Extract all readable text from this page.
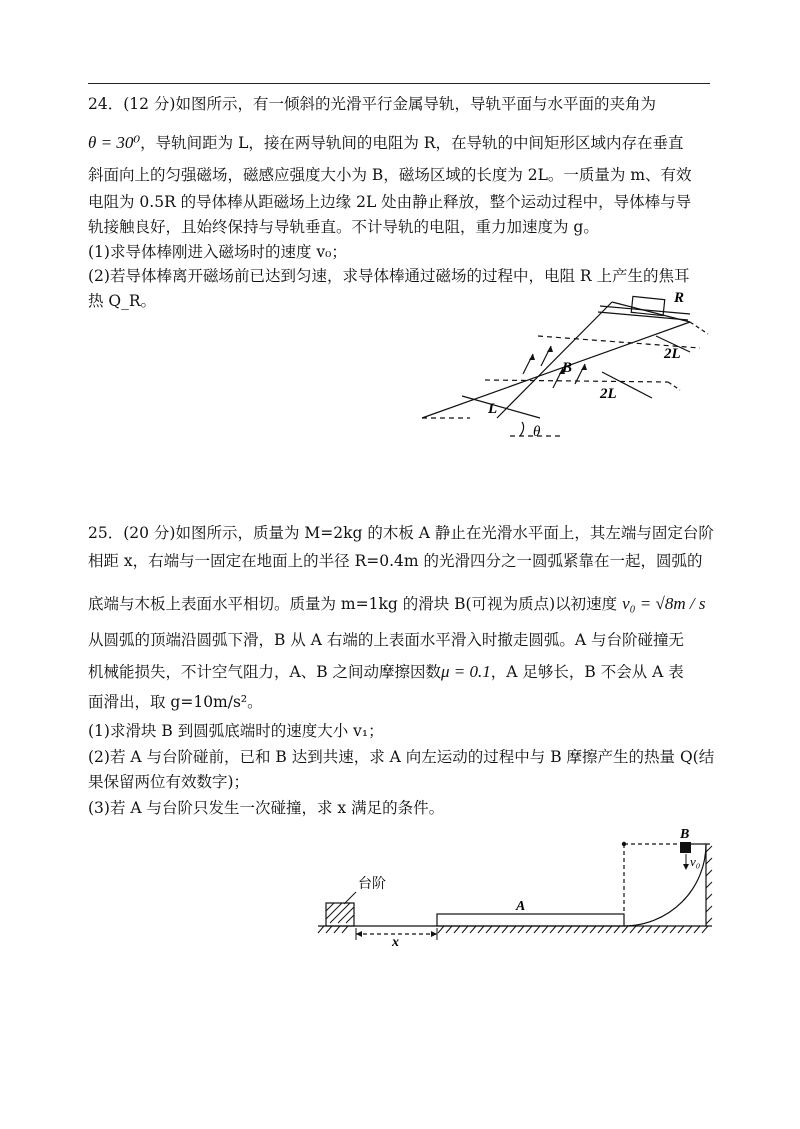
24．(12 分)如图所示，有一倾斜的光滑平行金属导轨，导轨平面与水平面的夹角为
θ = 30⁰，导轨间距为 L，接在两导轨间的电阻为 R，在导轨的中间矩形区域内存在垂直
斜面向上的匀强磁场，磁感应强度大小为 B，磁场区域的长度为 2L。一质量为 m、有效
电阻为 0.5R 的导体棒从距磁场上边缘 2L 处由静止释放，整个运动过程中，导体棒与导
轨接触良好，且始终保持与导轨垂直。不计导轨的电阻，重力加速度为 g。
(1)求导体棒刚进入磁场时的速度 v₀；
(2)若导体棒离开磁场前已达到匀速，求导体棒通过磁场的过程中，电阻 R 上产生的焦耳
热 Q_R。	R
2L
B
2L
L
θ
25．(20 分)如图所示，质量为 M=2kg 的木板 A 静止在光滑水平面上，其左端与固定台阶
相距 x，右端与一固定在地面上的半径 R=0.4m 的光滑四分之一圆弧紧靠在一起，圆弧的
底端与木板上表面水平相切。质量为 m=1kg 的滑块 B(可视为质点)以初速度 v₀ = √8m / s
从圆弧的顶端沿圆弧下滑，B 从 A 右端的上表面水平滑入时撤走圆弧。A 与台阶碰撞无
机械能损失，不计空气阻力，A、B 之间动摩擦因数μ = 0.1，A 足够长，B 不会从 A 表
面滑出，取 g=10m/s²。
(1)求滑块 B 到圆弧底端时的速度大小 v₁；
(2)若 A 与台阶碰前，已和 B 达到共速，求 A 向左运动的过程中与 B 摩擦产生的热量 Q(结
果保留两位有效数字)；
(3)若 A 与台阶只发生一次碰撞，求 x 满足的条件。
台阶
A
B
v₀
x
